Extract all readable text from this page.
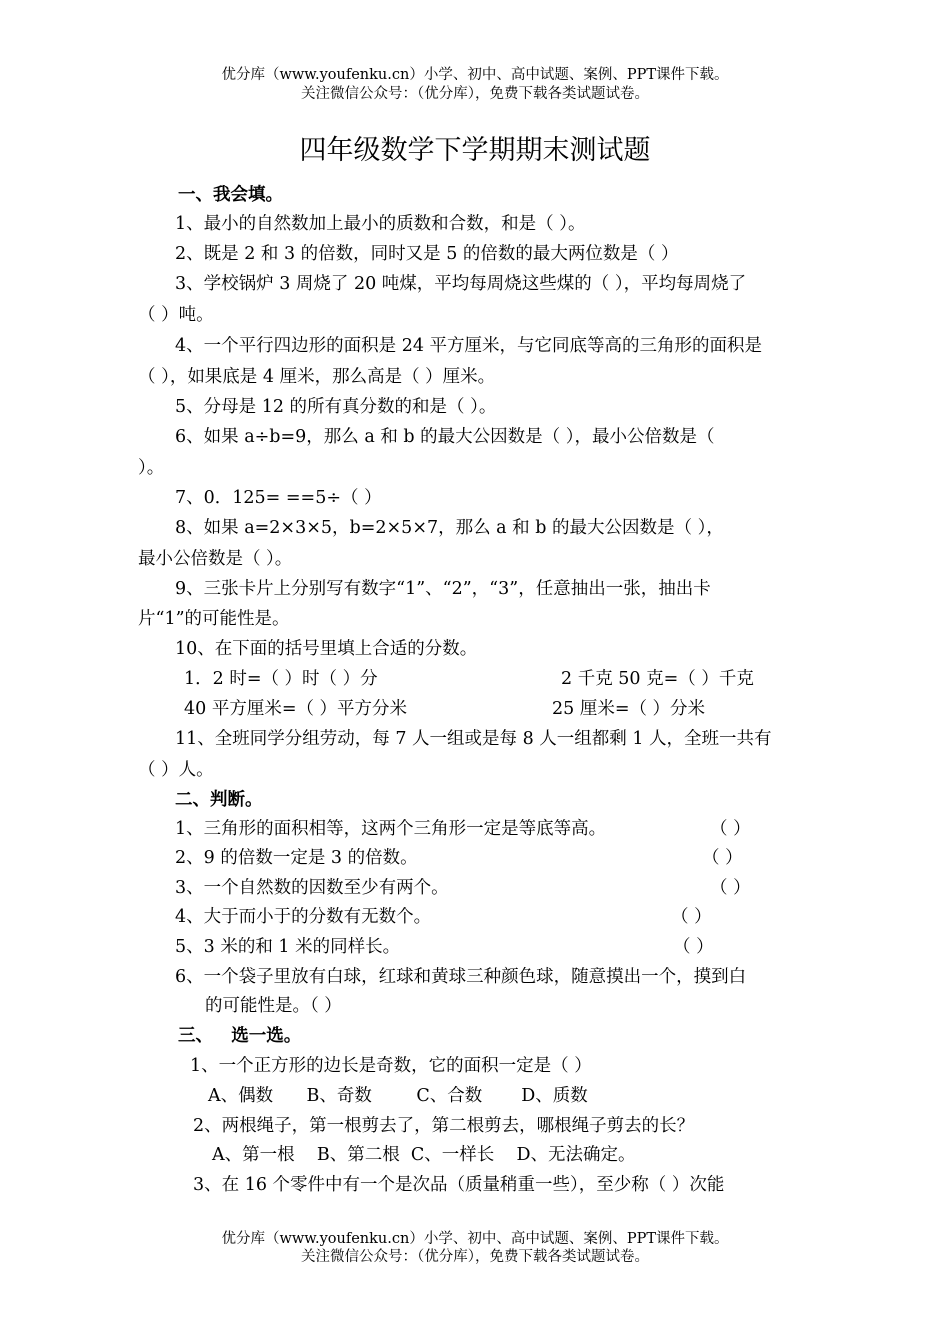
优分库（www.youfenku.cn）小学、初中、高中试题、案例、PPT课件下载。
关注微信公众号：（优分库），免费下载各类试题试卷。
四年级数学下学期期末测试题
一、我会填。
1、最小的自然数加上最小的质数和合数，和是（ ）。
2、既是 2 和 3 的倍数，同时又是 5 的倍数的最大两位数是（ ）
3、学校锅炉 3 周烧了 20 吨煤，平均每周烧这些煤的（ ），平均每周烧了
（ ）吨。
4、一个平行四边形的面积是 24 平方厘米，与它同底等高的三角形的面积是
（ ），如果底是 4 厘米，那么高是（ ）厘米。
5、分母是 12 的所有真分数的和是（ ）。
6、如果 a÷b=9，那么 a 和 b 的最大公因数是（ ），最小公倍数是（
）。
7、0．125= ==5÷（ ）
8、如果 a=2×3×5，b=2×5×7，那么 a 和 b 的最大公因数是（ ），
最小公倍数是（ ）。
9、三张卡片上分别写有数字“1”、“2”，“3”，任意抽出一张，抽出卡
片“1”的可能性是。
10、在下面的括号里填上合适的分数。
1．2 时=（ ）时（ ）分	2 千克 50 克=（ ）千克
40 平方厘米=（ ）平方分米	25 厘米=（ ）分米
11、全班同学分组劳动，每 7 人一组或是每 8 人一组都剩 1 人，全班一共有
（ ）人。
二、判断。
1、三角形的面积相等，这两个三角形一定是等底等高。	（ ）
2、9 的倍数一定是 3 的倍数。	（ ）
3、一个自然数的因数至少有两个。	（ ）
4、大于而小于的分数有无数个。	（ ）
5、3 米的和 1 米的同样长。	（ ）
6、一个袋子里放有白球，红球和黄球三种颜色球，随意摸出一个，摸到白
的可能性是。（ ）
三、   选一选。
1、一个正方形的边长是奇数，它的面积一定是（ ）
A、偶数      B、奇数        C、合数       D、质数
2、两根绳子，第一根剪去了，第二根剪去，哪根绳子剪去的长？
A、第一根    B、第二根  C、一样长    D、无法确定。
3、在 16 个零件中有一个是次品（质量稍重一些），至少称（ ）次能
优分库（www.youfenku.cn）小学、初中、高中试题、案例、PPT课件下载。
关注微信公众号：（优分库），免费下载各类试题试卷。
